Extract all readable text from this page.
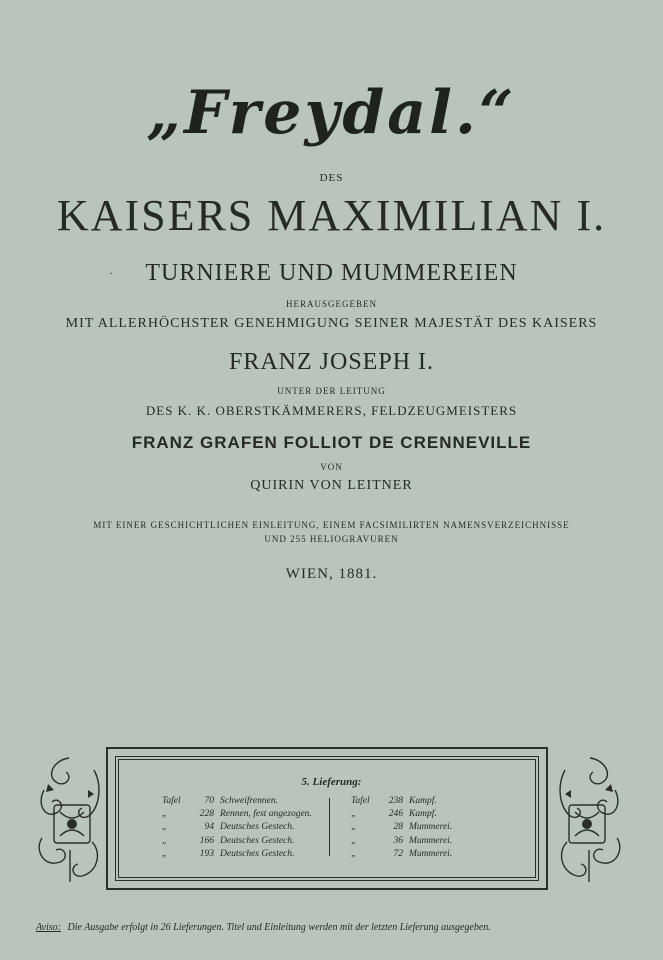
„Freydal.“
DES
KAISERS MAXIMILIAN I.
.	TURNIERE UND MUMMEREIEN
HERAUSGEGEBEN
MIT ALLERHÖCHSTER GENEHMIGUNG SEINER MAJESTÄT DES KAISERS
FRANZ JOSEPH I.
UNTER DER LEITUNG
DES K. K. OBERSTKÄMMERERS, FELDZEUGMEISTERS
FRANZ GRAFEN FOLLIOT DE CRENNEVILLE
VON
QUIRIN VON LEITNER
MIT EINER GESCHICHTLICHEN EINLEITUNG, EINEM FACSIMILIRTEN NAMENSVERZEICHNISSE
UND 255 HELIOGRAVUREN
WIEN, 1881.
5. Lieferung:
Tafel	70 Schweifrennen.
„	228 Rennen, fest angezogen.
„	94 Deutsches Gestech.
„	166 Deutsches Gestech.
„	193 Deutsches Gestech.
Tafel 238 Kampf.
„	246 Kampf.
„	28 Mummerei.
„	36 Mummerei.
„	72 Mummerei.
Aviso: Die Ausgabe erfolgt in 26 Lieferungen. Titel und Einleitung werden mit der letzten Lieferung ausgegeben.
